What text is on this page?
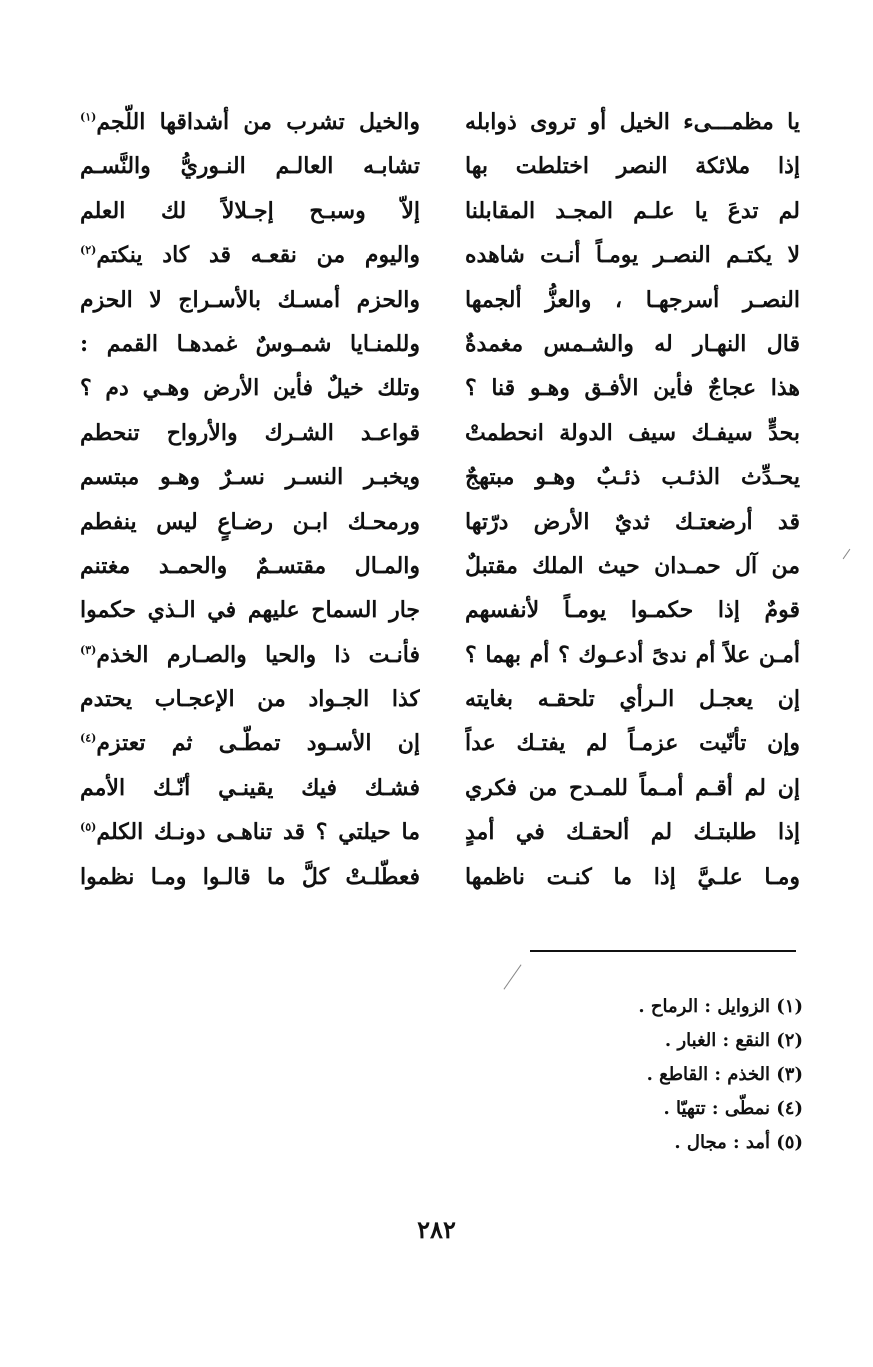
يا مظمـــىء الخيل أو تروى ذوابله
إذا ملائكة النصر اختلطت بها
لم تدعَ يا علـم المجـد المقابلنا
لا يكتـم النصـر يومـاً أنـت شاهده
النصـر أسرجهـا ، والعزُّ ألجمها
قال النهـار له والشـمس مغمدةٌ
هذا عجاجٌ فأين الأفـق وهـو قنا ؟
بحدٍّ سيفـك سيف الدولة انحطمتْ
يحـدِّث الذئـب ذئـبٌ وهـو مبتهجٌ
قد أرضعتـك ثديٌ الأرض درّتها
من آل حمـدان حيث الملك مقتبلٌ
قومٌ إذا حكمـوا يومـاً لأنفسهم
أمـن علاً أم ندىً أدعـوك ؟ أم بهما ؟
إن يعجـل الـرأي تلحقـه بغايته
وإن تأنّيت عزمـاً لم يفتـك عداً
إن لم أقـم أمـماً للمـدح من فكري
إذا طلبتـك لم ألحقـك في أمدٍ
ومـا علـيَّ إذا ما كنـت ناظمها
والخيل تشرب من أشداقها اللّجم$^{(١)}$
تشابـه العالـم النـوريُّ والنَّسـم
إلاّ وسبـح إجـلالاً لك العلم
واليوم من نقعـه قد كاد ينكتم$^{(٢)}$
والحزم أمسـك بالأسـراج لا الحزم
وللمنـايا شمـوسٌ غمدهـا القمم :
وتلك خيلٌ فأين الأرض وهـي دم ؟
قواعـد الشـرك والأرواح تنحطم
ويخبـر النسـر نسـرٌ وهـو مبتسم
ورمحـك ابـن رضـاعٍ ليس ينفطم
والمـال مقتسـمٌ والحمـد مغتنم
جار السماح عليهم في الـذي حكموا
فأنـت ذا والحيا والصـارم الخذم$^{(٣)}$
كذا الجـواد من الإعجـاب يحتدم
إن الأسـود تمطّـى ثم تعتزم$^{(٤)}$
فشـك فيك يقينـي أنّـك الأمم
ما حيلتي ؟ قد تناهـى دونـك الكلم$^{(٥)}$
فعطّلـتْ كلَّ ما قالـوا ومـا نظموا
(١) الزوايل : الرماح .
(٢) النقع : الغبار .
(٣) الخذم : القاطع .
(٤) نمطّى : تتهيّا .
(٥) أمد : مجال .
٢٨٢
